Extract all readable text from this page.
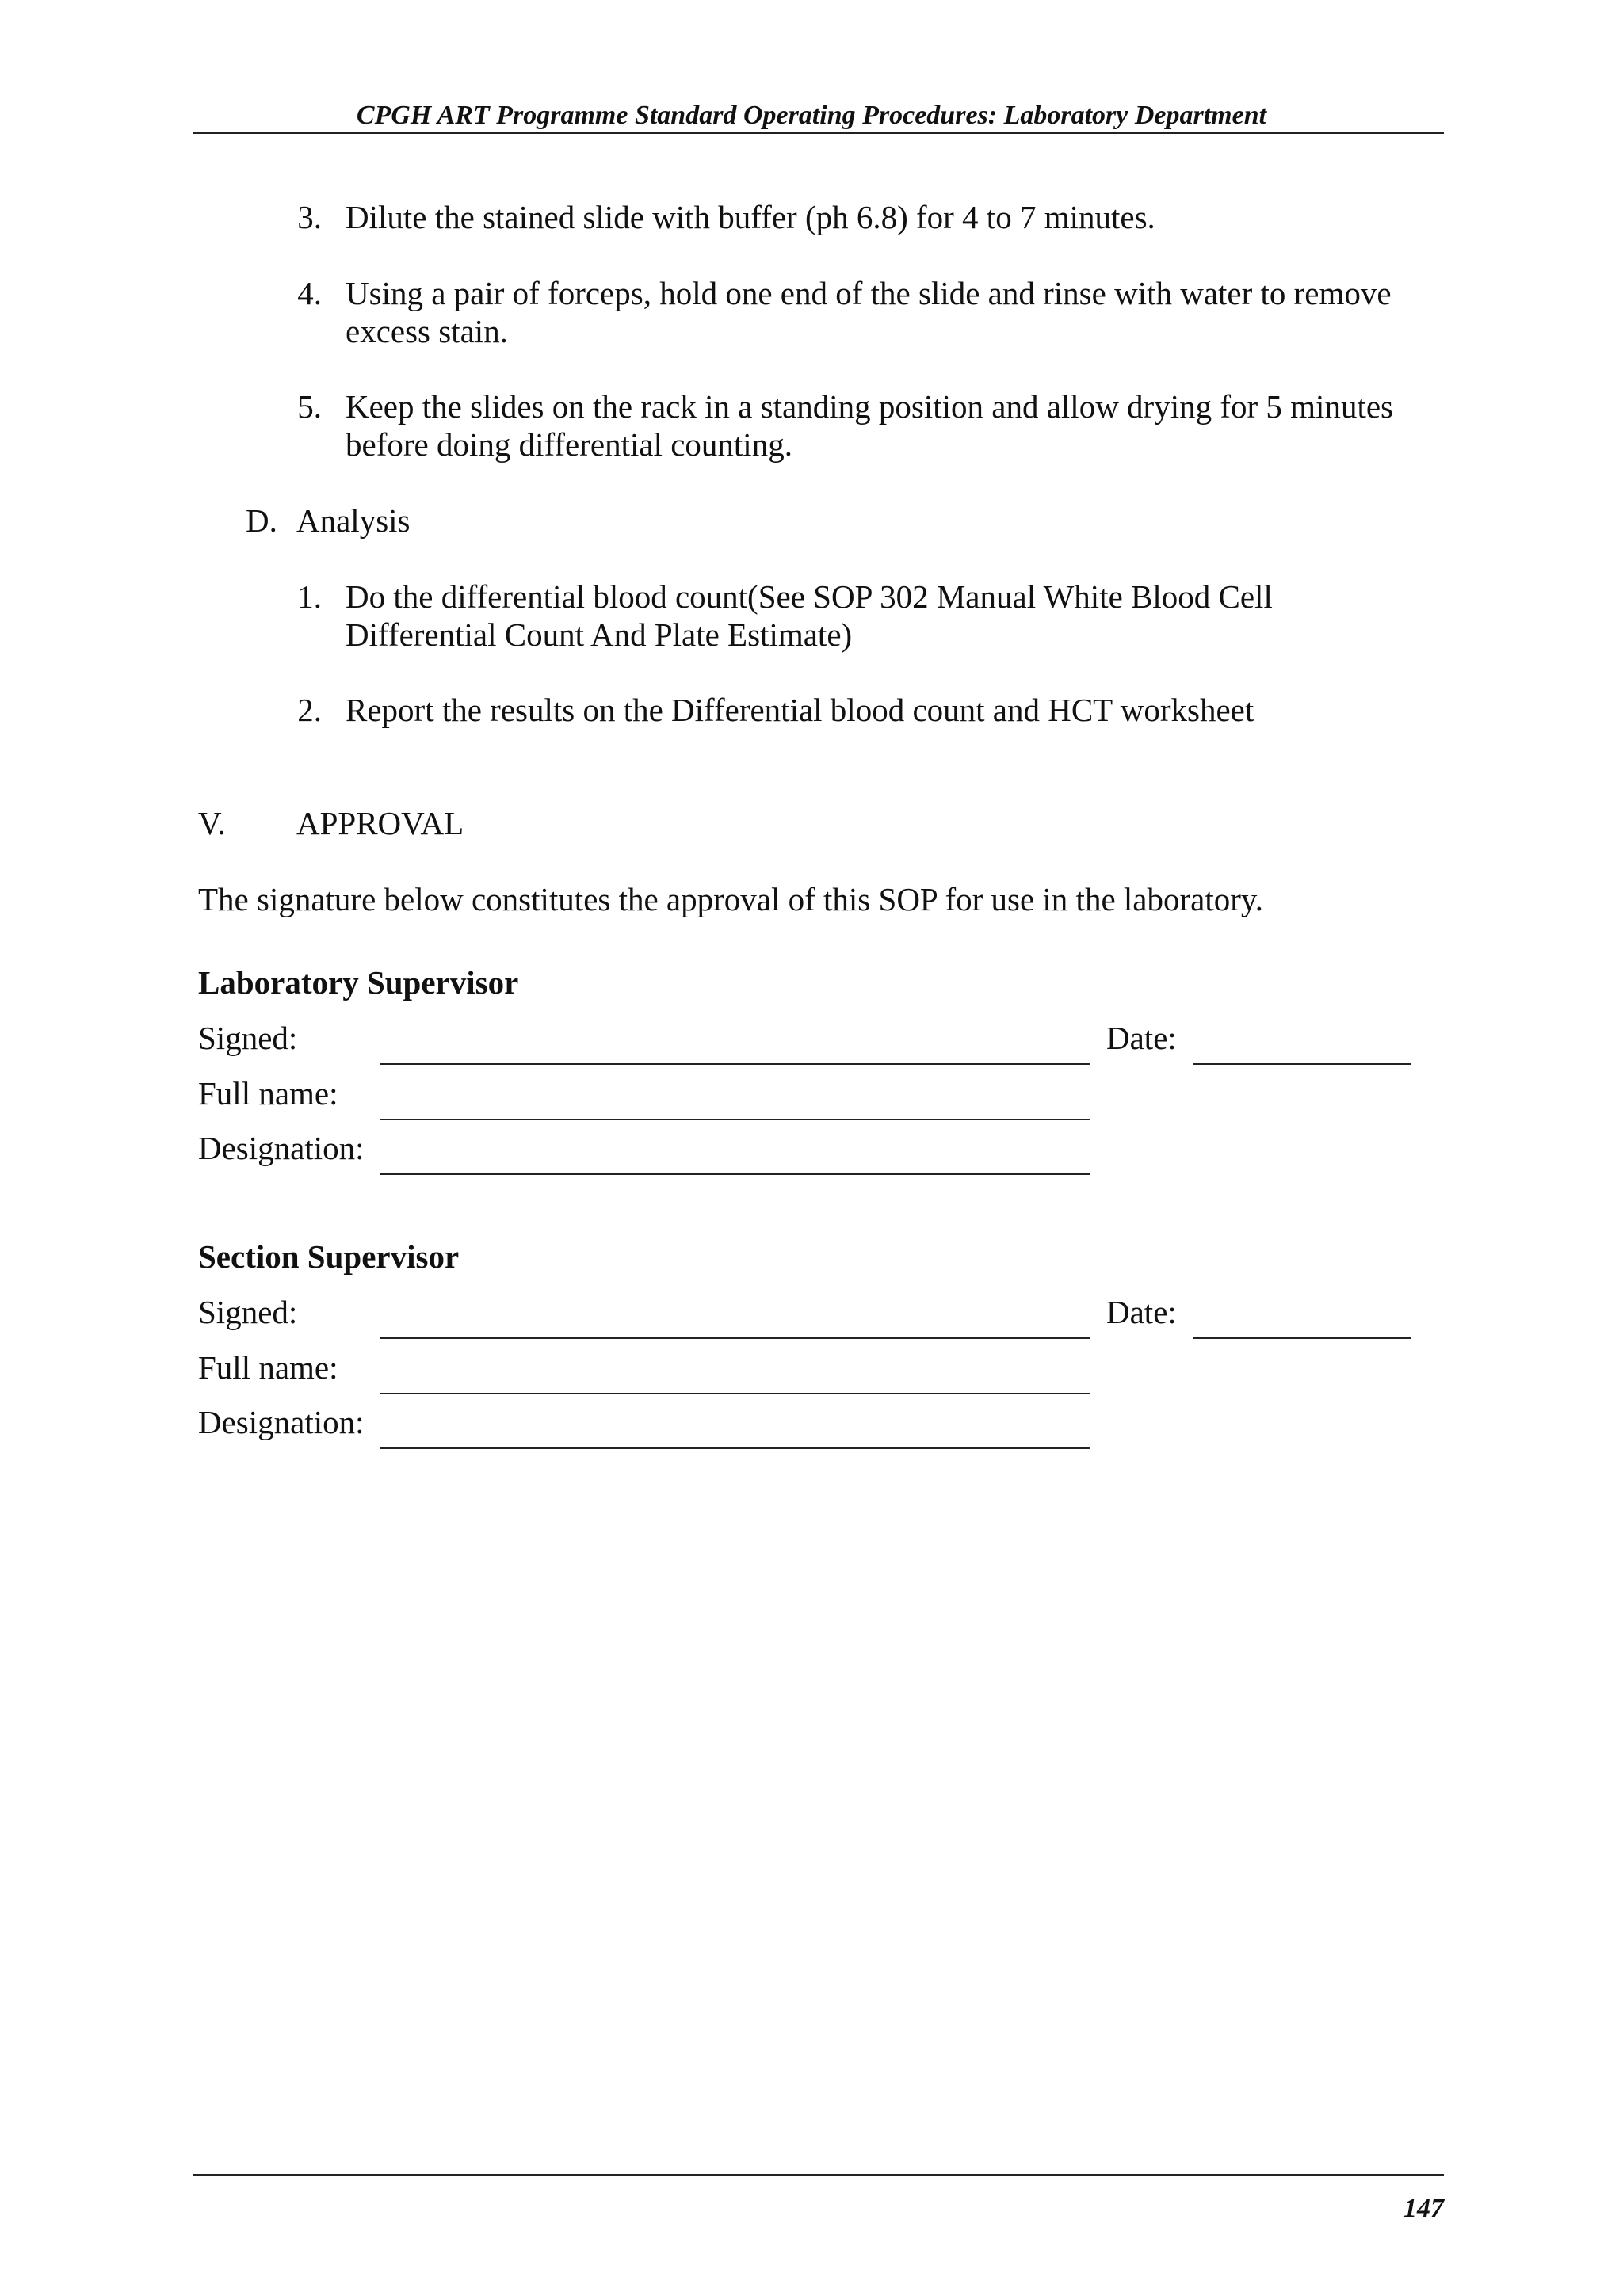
CPGH ART Programme Standard Operating Procedures: Laboratory Department
3. Dilute the stained slide with buffer (ph 6.8) for 4 to 7 minutes.
4. Using a pair of forceps, hold one end of the slide and rinse with water to remove
excess stain.
5. Keep the slides on the rack in a standing position and allow drying for 5 minutes
before doing differential counting.
D. Analysis
1. Do the differential blood count(See SOP 302 Manual White Blood Cell
Differential Count And Plate Estimate)
2. Report the results on the Differential blood count and HCT worksheet
V. APPROVAL
The signature below constitutes the approval of this SOP for use in the laboratory.
Laboratory Supervisor
Signed:	Date:
Full name:
Designation:
Section Supervisor
Signed:	Date:
Full name:
Designation:
147
